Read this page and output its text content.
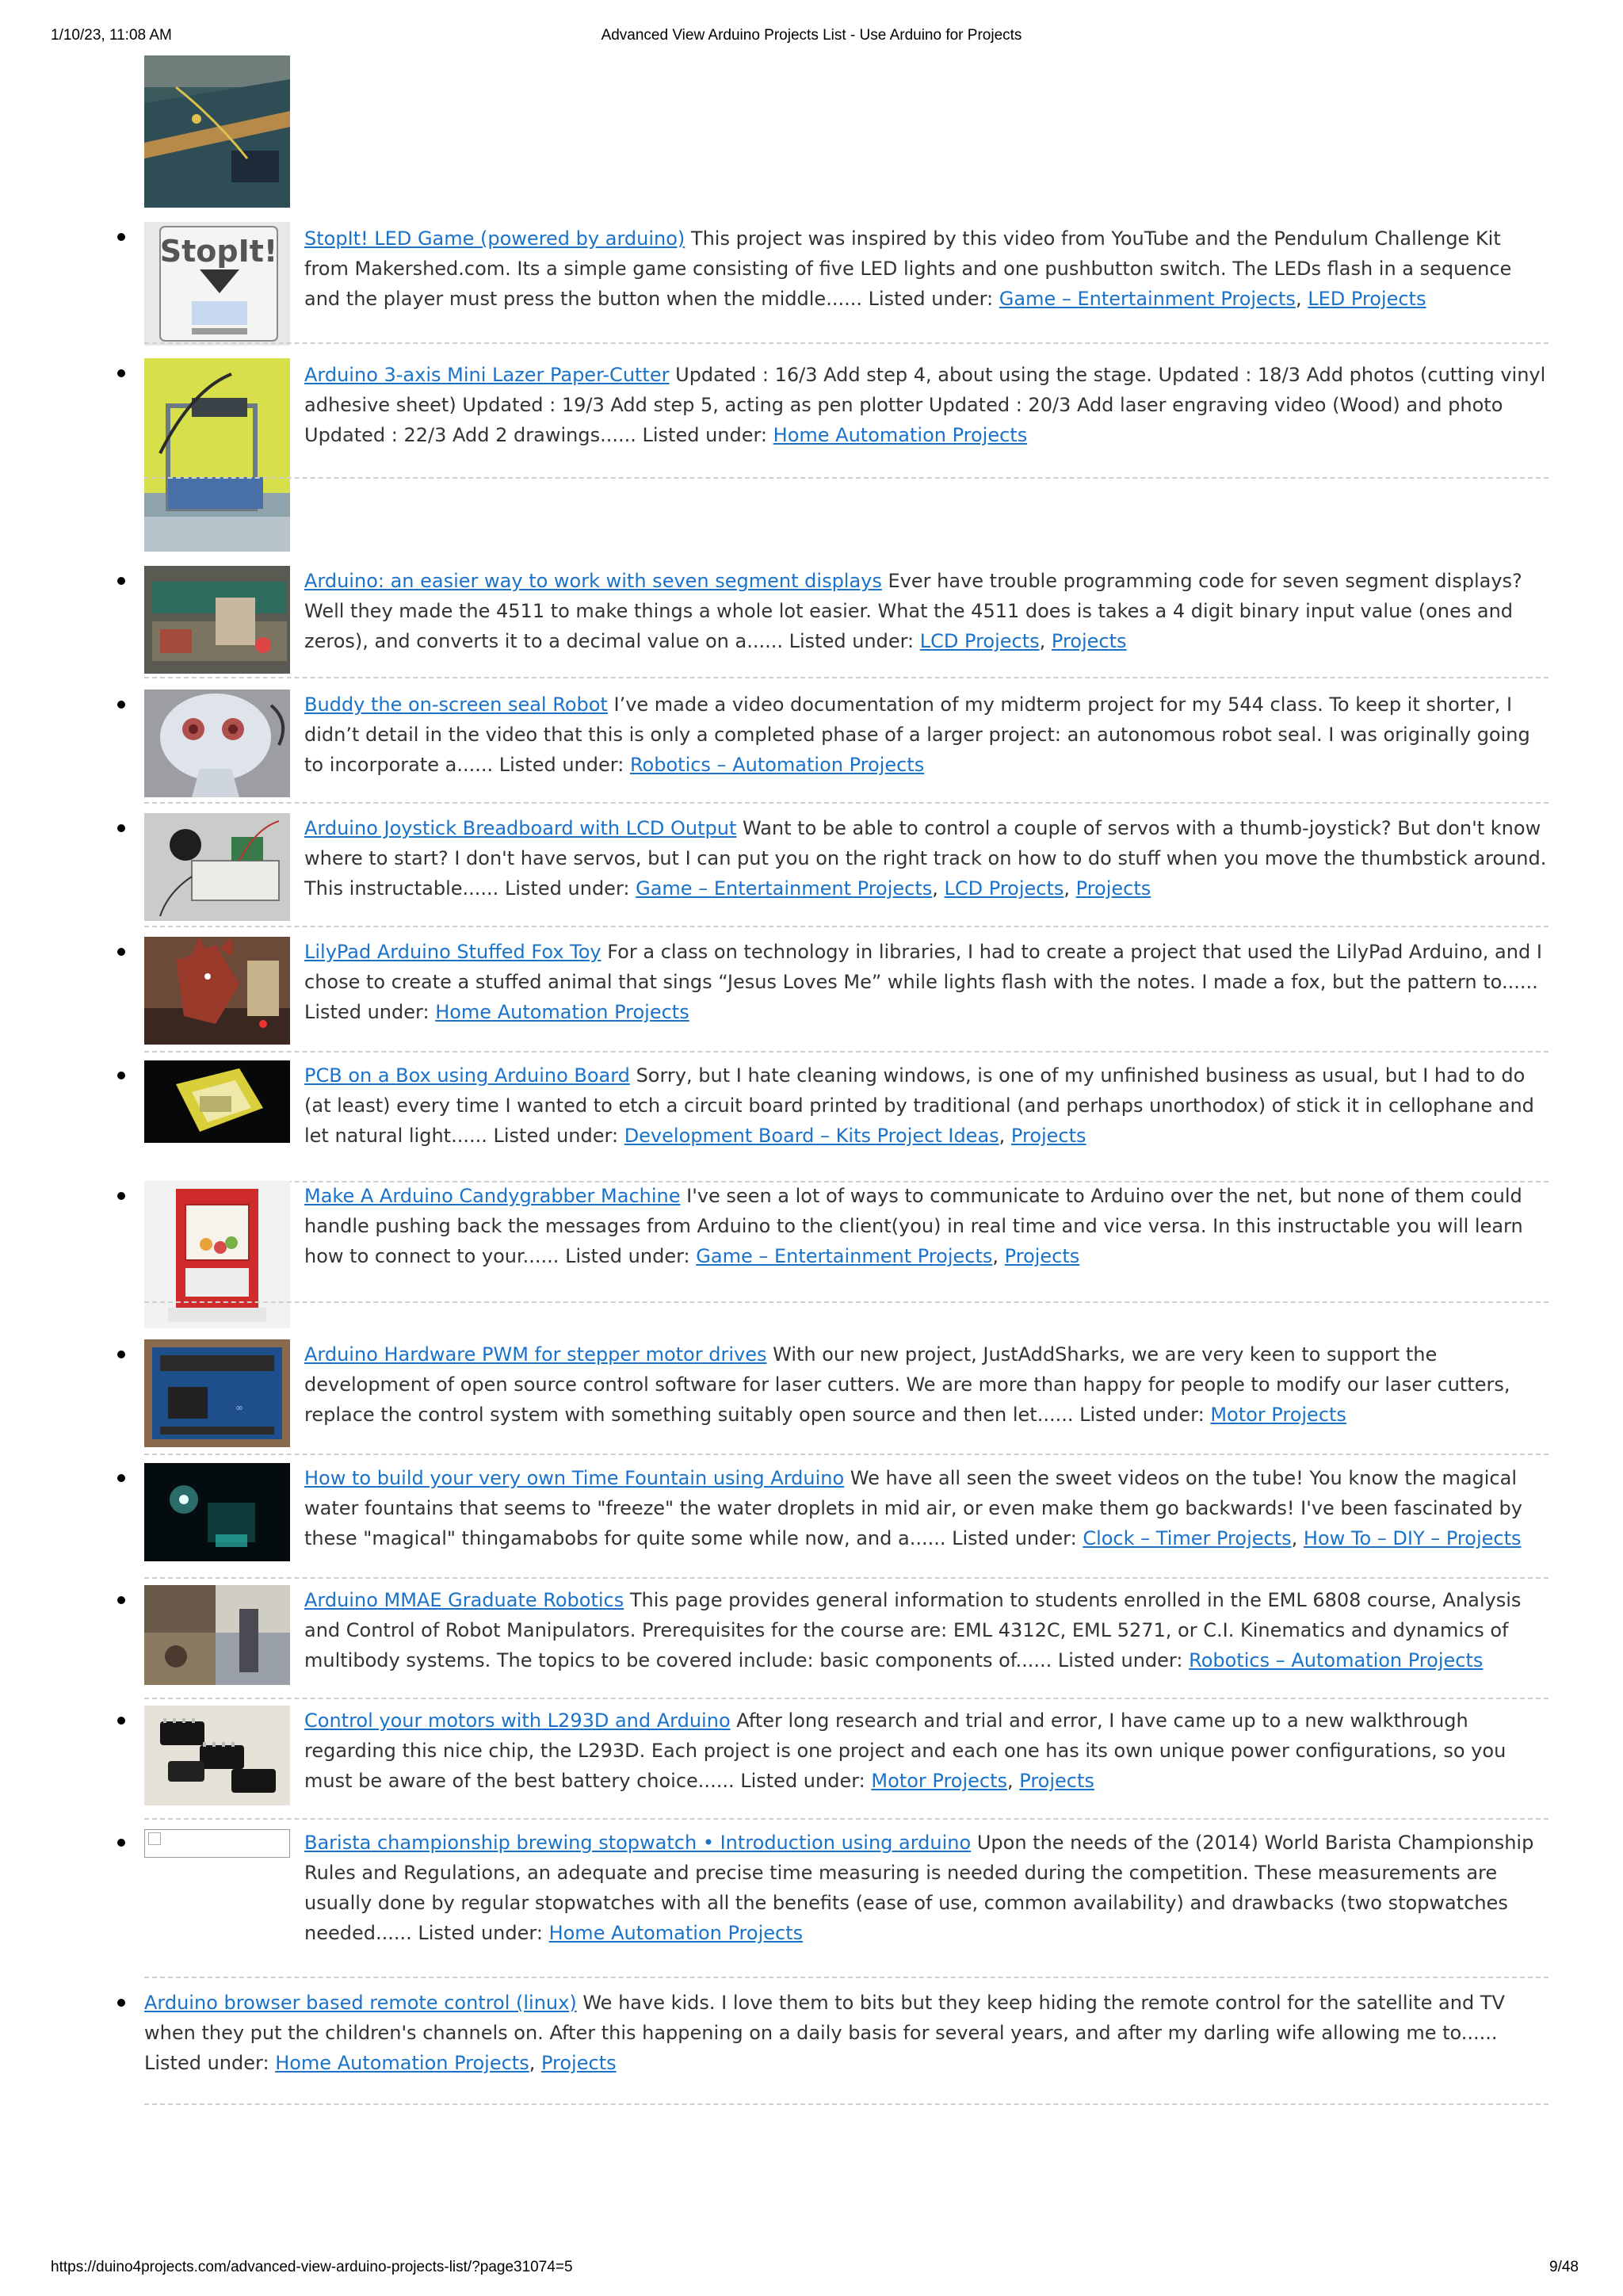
1/10/23, 11:08 AM	Advanced View Arduino Projects List - Use Arduino for Projects
StopIt! StopIt! LED Game (powered by arduino) This project was inspired by this video from YouTube and the Pendulum Challenge Kit from Makershed.com. Its a simple game consisting of five LED lights and one pushbutton switch. The LEDs flash in a sequence and the player must press the button when the middle...... Listed under: Game – Entertainment Projects, LED Projects
Arduino 3-axis Mini Lazer Paper-Cutter Updated : 16/3 Add step 4, about using the stage. Updated : 18/3 Add photos (cutting vinyl adhesive sheet) Updated : 19/3 Add step 5, acting as pen plotter Updated : 20/3 Add laser engraving video (Wood) and photo Updated : 22/3 Add 2 drawings...... Listed under: Home Automation Projects
Arduino: an easier way to work with seven segment displays Ever have trouble programming code for seven segment displays? Well they made the 4511 to make things a whole lot easier. What the 4511 does is takes a 4 digit binary input value (ones and zeros), and converts it to a decimal value on a...... Listed under: LCD Projects, Projects
Buddy the on-screen seal Robot I’ve made a video documentation of my midterm project for my 544 class. To keep it shorter, I didn’t detail in the video that this is only a completed phase of a larger project: an autonomous robot seal. I was originally going to incorporate a...... Listed under: Robotics – Automation Projects
Arduino Joystick Breadboard with LCD Output Want to be able to control a couple of servos with a thumb-joystick? But don't know where to start? I don't have servos, but I can put you on the right track on how to do stuff when you move the thumbstick around. This instructable...... Listed under: Game – Entertainment Projects, LCD Projects, Projects
LilyPad Arduino Stuffed Fox Toy For a class on technology in libraries, I had to create a project that used the LilyPad Arduino, and I chose to create a stuffed animal that sings “Jesus Loves Me” while lights flash with the notes. I made a fox, but the pattern to...... Listed under: Home Automation Projects
PCB on a Box using Arduino Board Sorry, but I hate cleaning windows, is one of my unfinished business as usual, but I had to do (at least) every time I wanted to etch a circuit board printed by traditional (and perhaps unorthodox) of stick it in cellophane and let natural light...... Listed under: Development Board – Kits Project Ideas, Projects
Make A Arduino Candygrabber Machine I've seen a lot of ways to communicate to Arduino over the net, but none of them could handle pushing back the messages from Arduino to the client(you) in real time and vice versa. In this instructable you will learn how to connect to your...... Listed under: Game – Entertainment Projects, Projects
∞
Arduino Hardware PWM for stepper motor drives With our new project, JustAddSharks, we are very keen to support the development of open source control software for laser cutters. We are more than happy for people to modify our laser cutters, replace the control system with something suitably open source and then let...... Listed under: Motor Projects
How to build your very own Time Fountain using Arduino We have all seen the sweet videos on the tube! You know the magical water fountains that seems to "freeze" the water droplets in mid air, or even make them go backwards! I've been fascinated by these "magical" thingamabobs for quite some while now, and a...... Listed under: Clock – Timer Projects, How To – DIY – Projects
Arduino MMAE Graduate Robotics This page provides general information to students enrolled in the EML 6808 course, Analysis and Control of Robot Manipulators. Prerequisites for the course are: EML 4312C, EML 5271, or C.I. Kinematics and dynamics of multibody systems. The topics to be covered include: basic components of...... Listed under: Robotics – Automation Projects
Control your motors with L293D and Arduino After long research and trial and error, I have came up to a new walkthrough regarding this nice chip, the L293D. Each project is one project and each one has its own unique power configurations, so you must be aware of the best battery choice...... Listed under: Motor Projects, Projects
Barista championship brewing stopwatch • Introduction using arduino Upon the needs of the (2014) World Barista Championship Rules and Regulations, an adequate and precise time measuring is needed during the competition. These measurements are usually done by regular stopwatches with all the benefits (ease of use, common availability) and drawbacks (two stopwatches needed...... Listed under: Home Automation Projects
Arduino browser based remote control (linux) We have kids. I love them to bits but they keep hiding the remote control for the satellite and TV when they put the children's channels on. After this happening on a daily basis for several years, and after my darling wife allowing me to...... Listed under: Home Automation Projects, Projects
https://duino4projects.com/advanced-view-arduino-projects-list/?page31074=5	9/48
